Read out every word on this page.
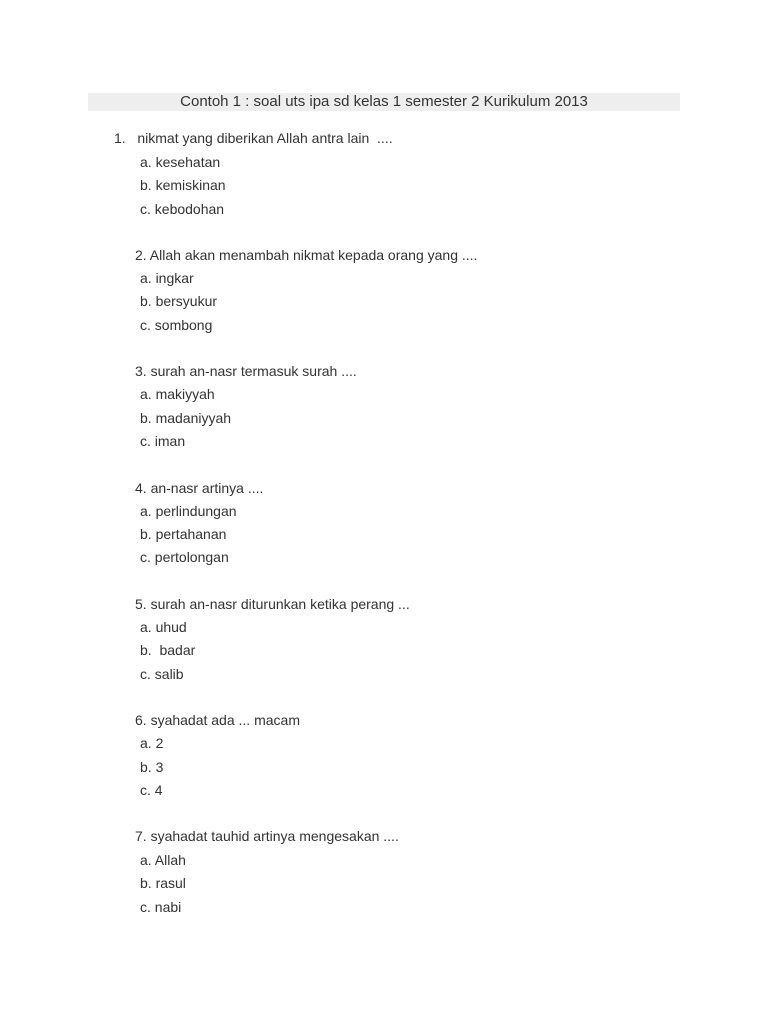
Contoh 1 : soal uts ipa sd kelas 1 semester 2 Kurikulum 2013
1.   nikmat yang diberikan Allah antra lain  ....
a. kesehatan
b. kemiskinan
c. kebodohan
2. Allah akan menambah nikmat kepada orang yang ....
a. ingkar
b. bersyukur
c. sombong
3. surah an-nasr termasuk surah ....
a. makiyyah
b. madaniyyah
c. iman
4. an-nasr artinya ....
a. perlindungan
b. pertahanan
c. pertolongan
5. surah an-nasr diturunkan ketika perang ...
a. uhud
b.  badar
c. salib
6. syahadat ada ... macam
a. 2
b. 3
c. 4
7. syahadat tauhid artinya mengesakan ....
a. Allah
b. rasul
c. nabi
